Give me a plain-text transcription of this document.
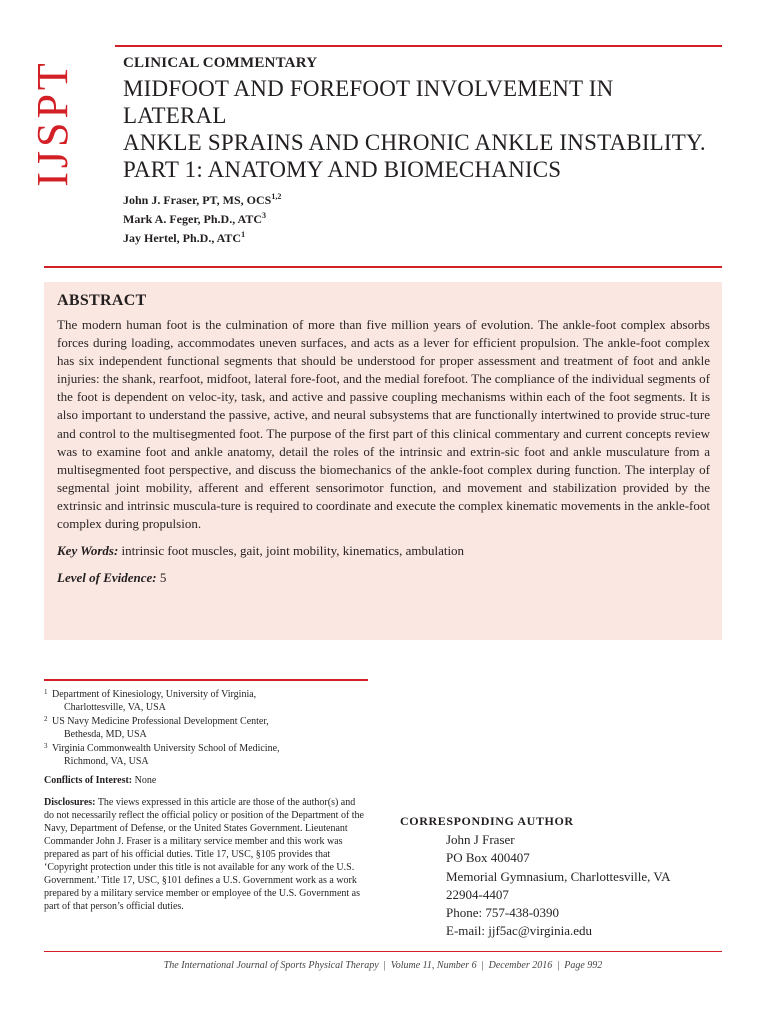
IJSPT	CLINICAL COMMENTARY
MIDFOOT AND FOREFOOT INVOLVEMENT IN LATERAL
ANKLE SPRAINS AND CHRONIC ANKLE INSTABILITY.
PART 1: ANATOMY AND BIOMECHANICS
John J. Fraser, PT, MS, OCS$^{1,2}$
Mark A. Feger, Ph.D., ATC$^3$
Jay Hertel, Ph.D., ATC$^1$
ABSTRACT

The modern human foot is the culmination of more than five million years of evolution. The ankle-foot complex absorbs forces during loading, accommodates uneven surfaces, and acts as a lever for efficient propulsion. The ankle-foot complex has six independent functional segments that should be understood for proper assessment and treatment of foot and ankle injuries: the shank, rearfoot, midfoot, lateral fore-foot, and the medial forefoot. The compliance of the individual segments of the foot is dependent on veloc-ity, task, and active and passive coupling mechanisms within each of the foot segments. It is also important to understand the passive, active, and neural subsystems that are functionally intertwined to provide struc-ture and control to the multisegmented foot. The purpose of the first part of this clinical commentary and current concepts review was to examine foot and ankle anatomy, detail the roles of the intrinsic and extrin-sic foot and ankle musculature from a multisegmented foot perspective, and discuss the biomechanics of the ankle-foot complex during function. The interplay of segmental joint mobility, afferent and efferent sensorimotor function, and movement and stabilization provided by the extrinsic and intrinsic muscula-ture is required to coordinate and execute the complex kinematic movements in the ankle-foot complex during propulsion.

Key Words: intrinsic foot muscles, gait, joint mobility, kinematics, ambulation
Level of Evidence: 5
1 Department of Kinesiology, University of Virginia,
Charlottesville, VA, USA
2 US Navy Medicine Professional Development Center,
Bethesda, MD, USA
3 Virginia Commonwealth University School of Medicine,
Richmond, VA, USA
Conflicts of Interest: None
Disclosures: The views expressed in this article are those of the author(s) and do not necessarily reflect the official policy or position of the Department of the Navy, Department of Defense, or the United States Government. Lieutenant Commander John J. Fraser is a military service member and this work was prepared as part of his official duties. Title 17, USC, §105 provides that ‘Copyright protection under this title is not available for any work of the U.S. Government.’ Title 17, USC, §101 defines a U.S. Government work as a work prepared by a military service member or employee of the U.S. Government as part of that person’s official duties.
CORRESPONDING AUTHOR
John J Fraser
PO Box 400407
Memorial Gymnasium, Charlottesville, VA
22904-4407
Phone: 757-438-0390
E-mail: jjf5ac@virginia.edu
The International Journal of Sports Physical Therapy | Volume 11, Number 6 | December 2016 | Page 992
